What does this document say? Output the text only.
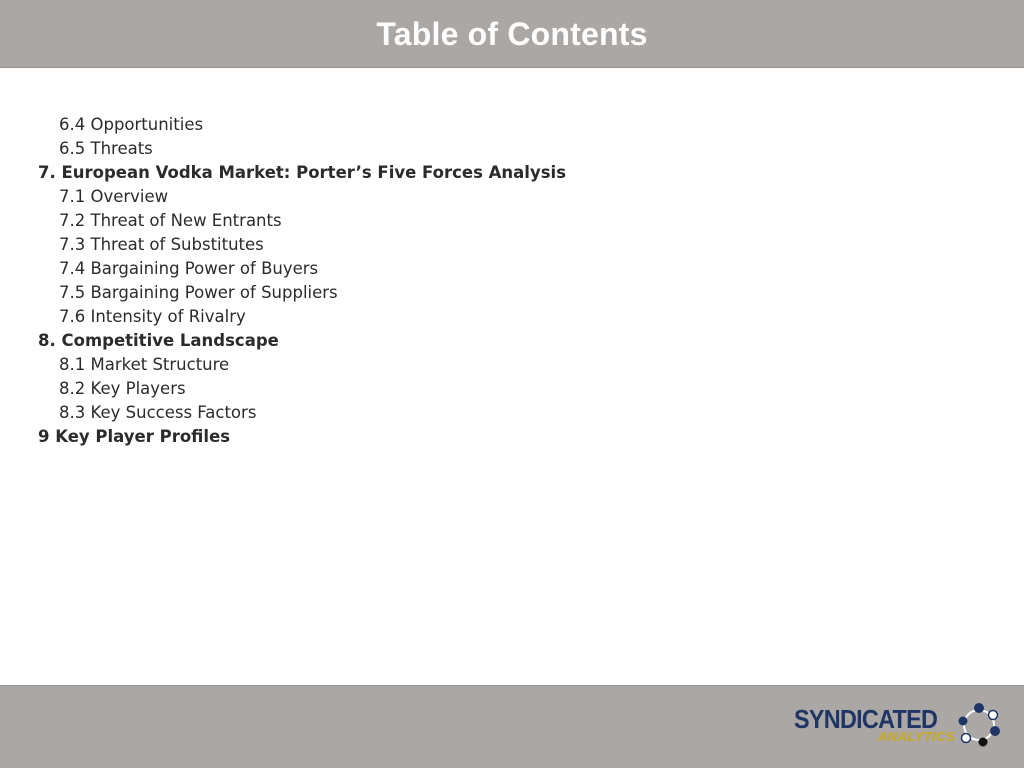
Table of Contents
6.4 Opportunities
6.5 Threats
7. European Vodka Market: Porter’s Five Forces Analysis
7.1 Overview
7.2 Threat of New Entrants
7.3 Threat of Substitutes
7.4 Bargaining Power of Buyers
7.5 Bargaining Power of Suppliers
7.6 Intensity of Rivalry
8. Competitive Landscape
8.1 Market Structure
8.2 Key Players
8.3 Key Success Factors
9 Key Player Profiles
SYNDICATED
ANALYTICS
